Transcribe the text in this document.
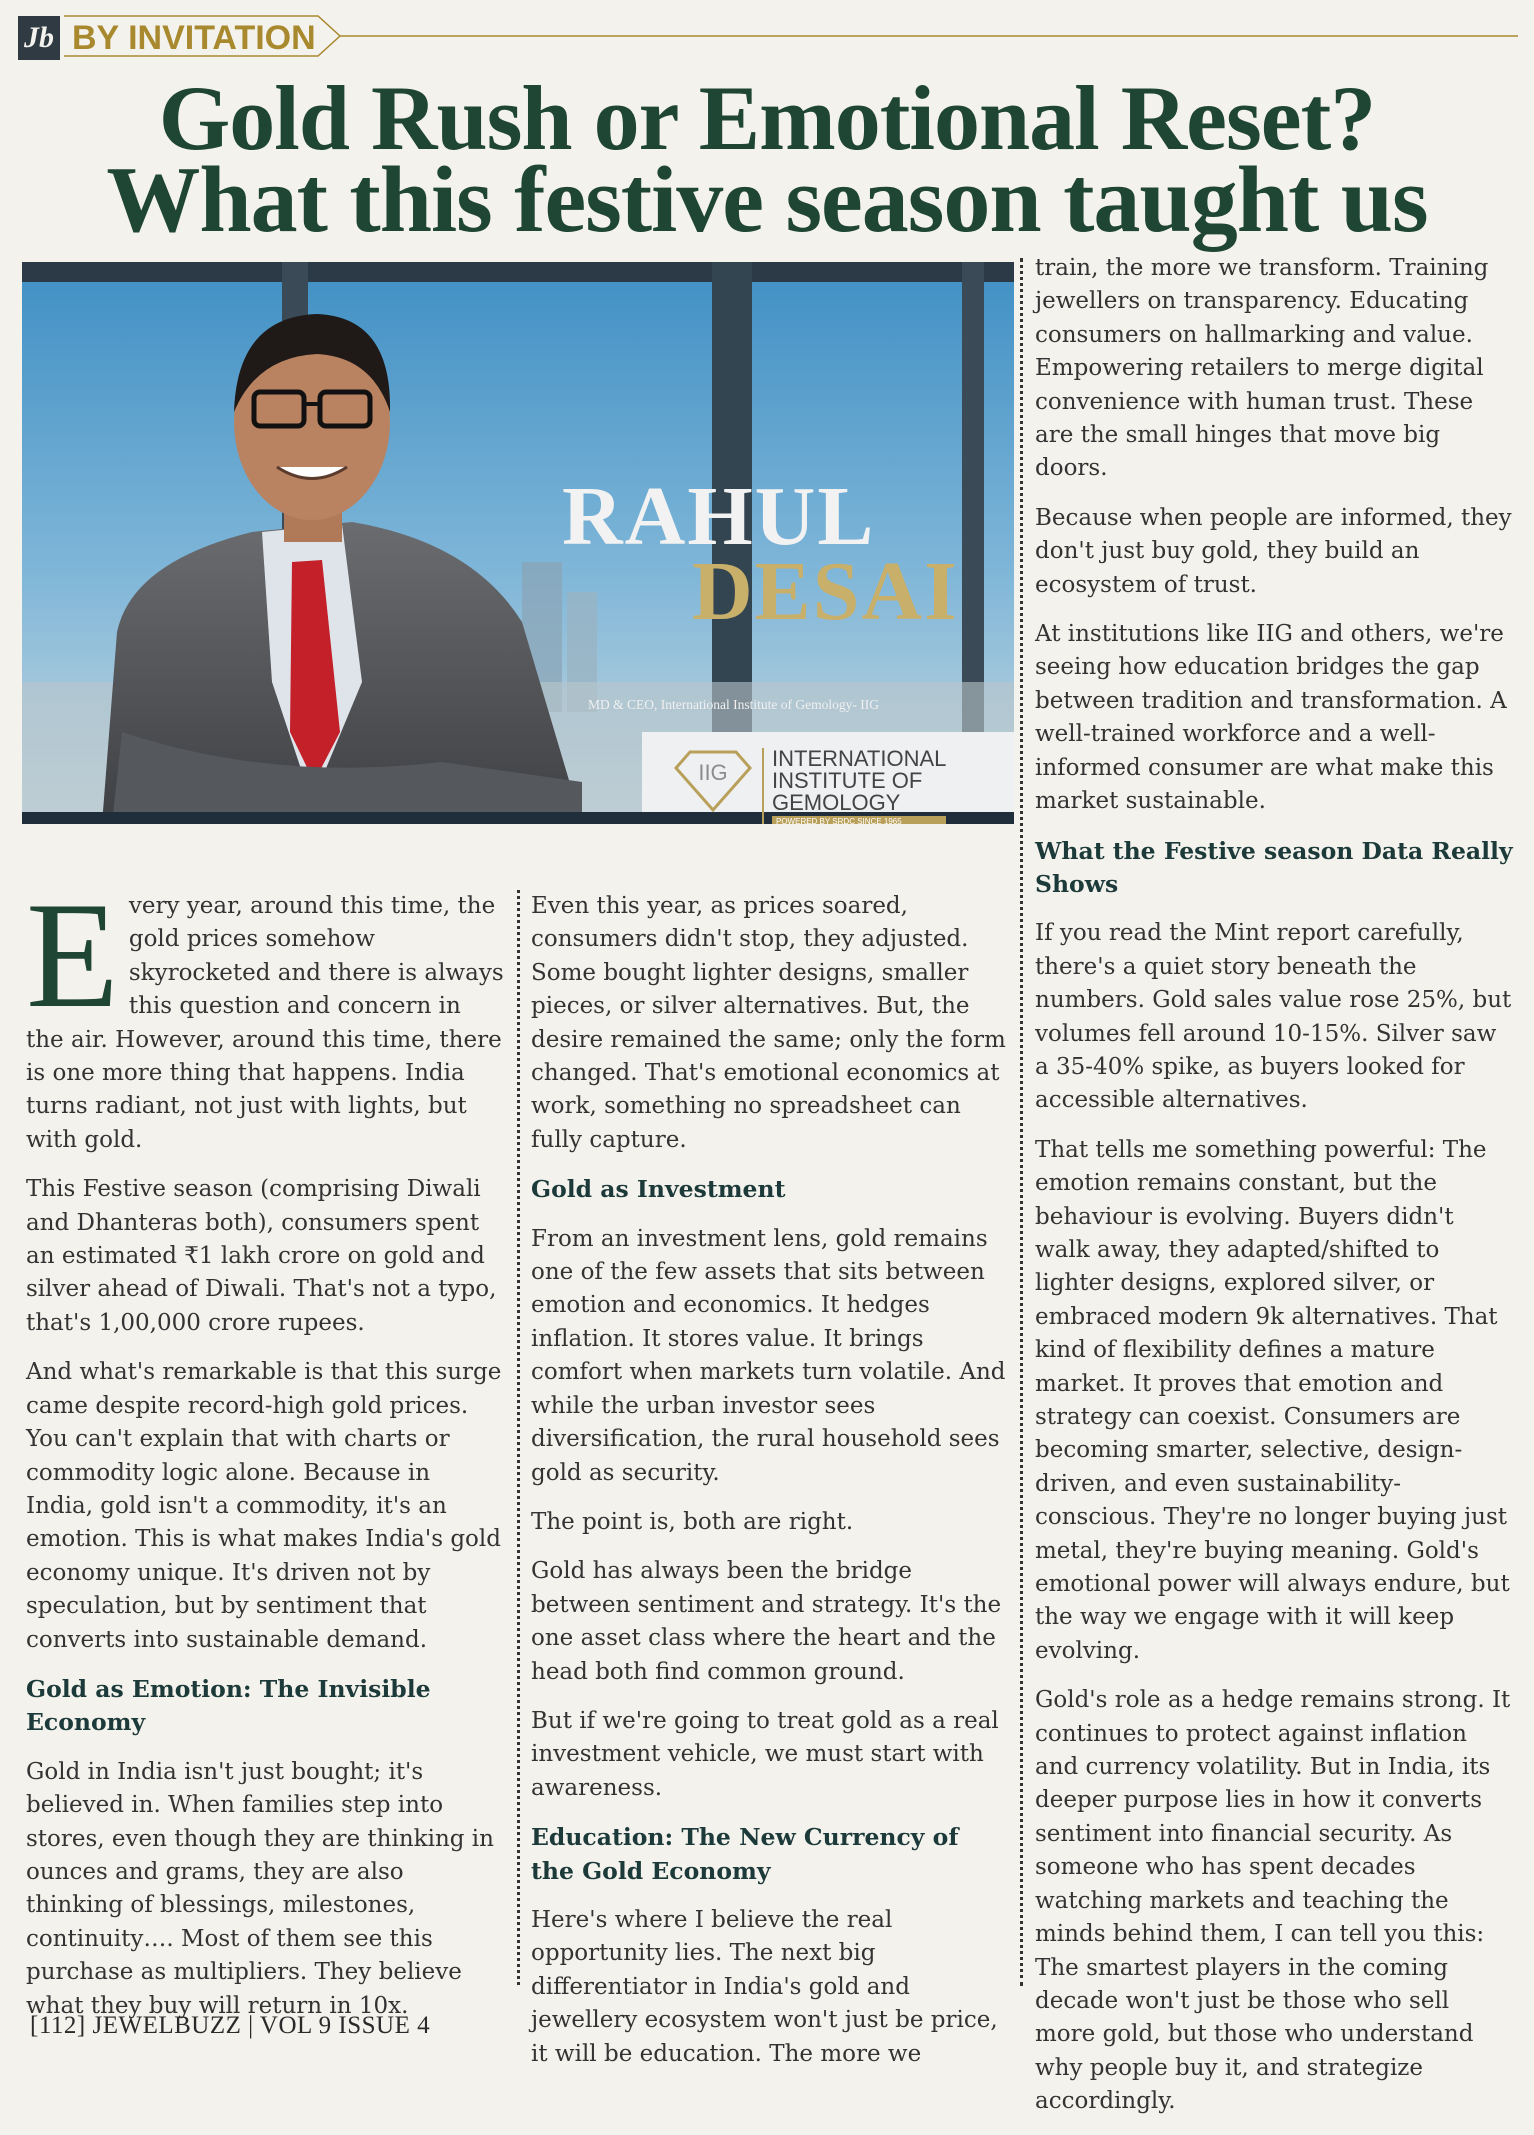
Jb BY INVITATION
Gold Rush or Emotional Reset?
What this festive season taught us
RAHUL
DESAI
MD & CEO, International Institute of Gemology- IIG
IIG
INTERNATIONAL
INSTITUTE OF
GEMOLOGY
POWERED BY SRDC SINCE 1965

Every year, around this time, the gold prices somehow skyrocketed and there is always this question and concern in the air. However, around this time, there is one more thing that happens. India turns radiant, not just with lights, but with gold.

This Festive season (comprising Diwali and Dhanteras both), consumers spent an estimated ₹1 lakh crore on gold and silver ahead of Diwali. That's not a typo, that's 1,00,000 crore rupees.

And what's remarkable is that this surge came despite record-high gold prices. You can't explain that with charts or commodity logic alone. Because in India, gold isn't a commodity, it's an emotion. This is what makes India's gold economy unique. It's driven not by speculation, but by sentiment that converts into sustainable demand.

Gold as Emotion: The Invisible Economy

Gold in India isn't just bought; it's believed in. When families step into stores, even though they are thinking in ounces and grams, they are also thinking of blessings, milestones, continuity…. Most of them see this purchase as multipliers. They believe what they buy will return in 10x.

Even this year, as prices soared, consumers didn't stop, they adjusted. Some bought lighter designs, smaller pieces, or silver alternatives. But, the desire remained the same; only the form changed. That's emotional economics at work, something no spreadsheet can fully capture.

Gold as Investment

From an investment lens, gold remains one of the few assets that sits between emotion and economics. It hedges inflation. It stores value. It brings comfort when markets turn volatile. And while the urban investor sees diversification, the rural household sees gold as security.

The point is, both are right.

Gold has always been the bridge between sentiment and strategy. It's the one asset class where the heart and the head both find common ground.

But if we're going to treat gold as a real investment vehicle, we must start with awareness.

Education: The New Currency of the Gold Economy

Here's where I believe the real opportunity lies. The next big differentiator in India's gold and jewellery ecosystem won't just be price, it will be education. The more we

train, the more we transform. Training jewellers on transparency. Educating consumers on hallmarking and value. Empowering retailers to merge digital convenience with human trust. These are the small hinges that move big doors.

Because when people are informed, they don't just buy gold, they build an ecosystem of trust.

At institutions like IIG and others, we're seeing how education bridges the gap between tradition and transformation. A well-trained workforce and a well-informed consumer are what make this market sustainable.

What the Festive season Data Really Shows

If you read the Mint report carefully, there's a quiet story beneath the numbers. Gold sales value rose 25%, but volumes fell around 10-15%. Silver saw a 35-40% spike, as buyers looked for accessible alternatives.

That tells me something powerful: The emotion remains constant, but the behaviour is evolving. Buyers didn't walk away, they adapted/shifted to lighter designs, explored silver, or embraced modern 9k alternatives. That kind of flexibility defines a mature market. It proves that emotion and strategy can coexist. Consumers are becoming smarter, selective, design-driven, and even sustainability-conscious. They're no longer buying just metal, they're buying meaning. Gold's emotional power will always endure, but the way we engage with it will keep evolving.

Gold's role as a hedge remains strong. It continues to protect against inflation and currency volatility. But in India, its deeper purpose lies in how it converts sentiment into financial security. As someone who has spent decades watching markets and teaching the minds behind them, I can tell you this: The smartest players in the coming decade won't just be those who sell more gold, but those who understand why people buy it, and strategize accordingly.

[112] JEWELBUZZ | VOL 9 ISSUE 4
